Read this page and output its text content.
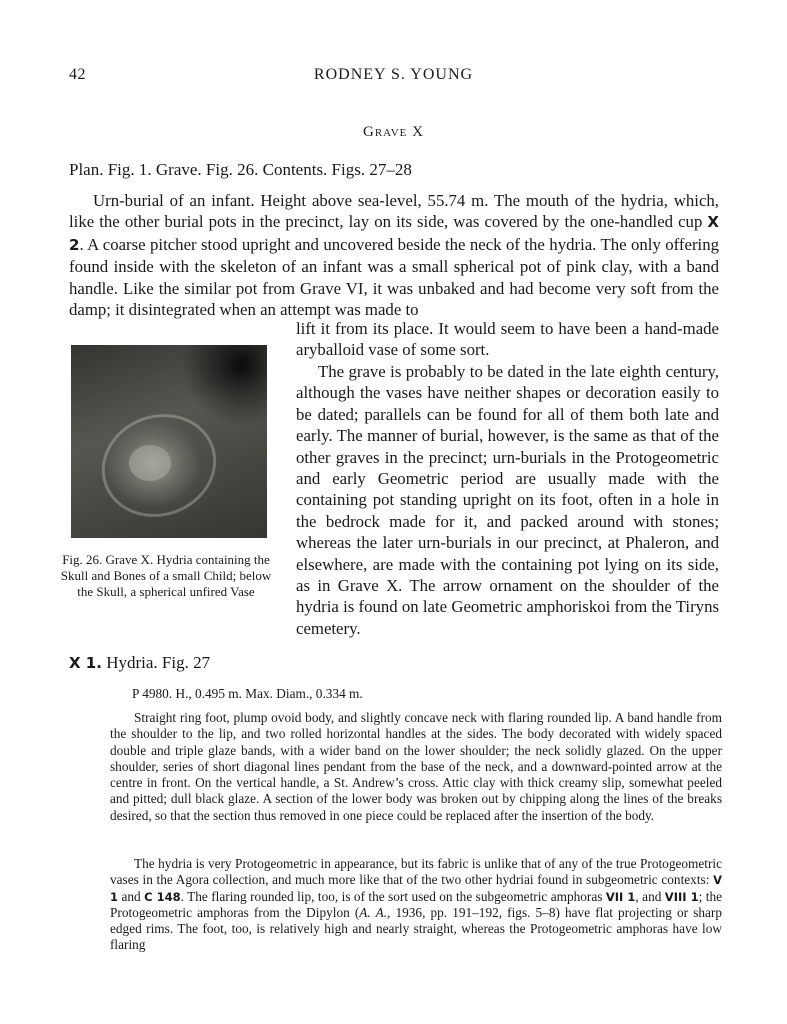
42	RODNEY S. YOUNG
Grave X
Plan. Fig. 1. Grave. Fig. 26. Contents. Figs. 27–28

Urn-burial of an infant. Height above sea-level, 55.74 m. The mouth of the hydria, which, like the other burial pots in the precinct, lay on its side, was covered by the one-handled cup X 2. A coarse pitcher stood upright and uncovered beside the neck of the hydria. The only offering found inside with the skeleton of an infant was a small spherical pot of pink clay, with a band handle. Like the similar pot from Grave VI, it was unbaked and had become very soft from the damp; it disintegrated when an attempt was made to

lift it from its place. It would seem to have been a hand-made aryballoid vase of some sort.

The grave is probably to be dated in the late eighth century, although the vases have neither shapes or decoration easily to be dated; parallels can be found for all of them both late and early. The manner of burial, however, is the same as that of the other graves in the precinct; urn-burials in the Protogeometric and early Geometric period are usually made with the containing pot standing upright on its foot, often in a hole in the bedrock made for it, and packed around with stones; whereas the later urn-burials in our precinct, at Phaleron, and elsewhere, are made with the containing pot lying on its side, as in Grave X. The arrow ornament on the shoulder of the hydria is found on late Geometric amphoriskoi from the Tiryns cemetery.

Fig. 26. Grave X. Hydria containing the Skull and Bones of a small Child; below the Skull, a spherical unfired Vase
X 1. Hydria. Fig. 27

P 4980. H., 0.495 m. Max. Diam., 0.334 m.

Straight ring foot, plump ovoid body, and slightly concave neck with flaring rounded lip. A band handle from the shoulder to the lip, and two rolled horizontal handles at the sides. The body decorated with widely spaced double and triple glaze bands, with a wider band on the lower shoulder; the neck solidly glazed. On the upper shoulder, series of short diagonal lines pendant from the base of the neck, and a downward-pointed arrow at the centre in front. On the vertical handle, a St. Andrew’s cross. Attic clay with thick creamy slip, somewhat peeled and pitted; dull black glaze. A section of the lower body was broken out by chipping along the lines of the breaks desired, so that the section thus removed in one piece could be replaced after the insertion of the body.

The hydria is very Protogeometric in appearance, but its fabric is unlike that of any of the true Protogeometric vases in the Agora collection, and much more like that of the two other hydriai found in subgeometric contexts: V 1 and C 148. The flaring rounded lip, too, is of the sort used on the subgeometric amphoras VII 1, and VIII 1; the Protogeometric amphoras from the Dipylon (A. A., 1936, pp. 191–192, figs. 5–8) have flat projecting or sharp edged rims. The foot, too, is relatively high and nearly straight, whereas the Protogeometric amphoras have low flaring
